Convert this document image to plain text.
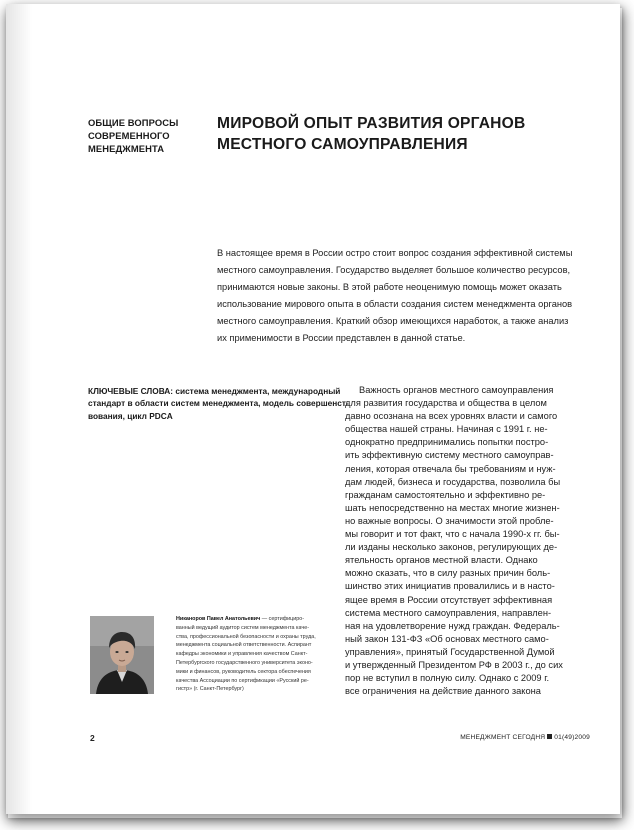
ОБЩИЕ ВОПРОСЫ
СОВРЕМЕННОГО
МЕНЕДЖМЕНТА
МИРОВОЙ ОПЫТ РАЗВИТИЯ ОРГАНОВ
МЕСТНОГО САМОУПРАВЛЕНИЯ
В настоящее время в России остро стоит вопрос создания эффективной системы
местного самоуправления. Государство выделяет большое количество ресурсов,
принимаются новые законы. В этой работе неоценимую помощь может оказать
использование мирового опыта в области создания систем менеджмента органов
местного самоуправления. Краткий обзор имеющихся наработок, а также анализ
их применимости в России представлен в данной статье.
КЛЮЧЕВЫЕ СЛОВА: система менеджмента, международный
стандарт в области систем менеджмента, модель совершенст-
вования, цикл PDCA
Важность органов местного самоуправления
для развития государства и общества в целом
давно осознана на всех уровнях власти и самого
общества нашей страны. Начиная с 1991 г. не-
однократно предпринимались попытки постро-
ить эффективную систему местного самоуправ-
ления, которая отвечала бы требованиям и нуж-
дам людей, бизнеса и государства, позволила бы
гражданам самостоятельно и эффективно ре-
шать непосредственно на местах многие жизнен-
но важные вопросы. О значимости этой пробле-
мы говорит и тот факт, что с начала 1990-х гг. бы-
ли изданы несколько законов, регулирующих де-
ятельность органов местной власти. Однако
можно сказать, что в силу разных причин боль-
шинство этих инициатив провалились и в насто-
ящее время в России отсутствует эффективная
система местного самоуправления, направлен-
ная на удовлетворение нужд граждан. Федераль-
ный закон 131-ФЗ «Об основах местного само-
управления», принятый Государственной Думой
и утвержденный Президентом РФ в 2003 г., до сих
пор не вступил в полную силу. Однако с 2009 г.
все ограничения на действие данного закона
Никаноров Павел Анатольевич — сертифициро-
ванный ведущий аудитор систем менеджмента каче-
ства, профессиональной безопасности и охраны труда,
менеджмента социальной ответственности. Аспирант
кафедры экономики и управления качеством Санкт-
Петербургского государственного университета эконо-
мики и финансов, руководитель сектора обеспечения
качества Ассоциации по сертификации «Русский ре-
гистр» (г. Санкт-Петербург)
2	МЕНЕДЖМЕНТ СЕГОДНЯ 01(49)2009
